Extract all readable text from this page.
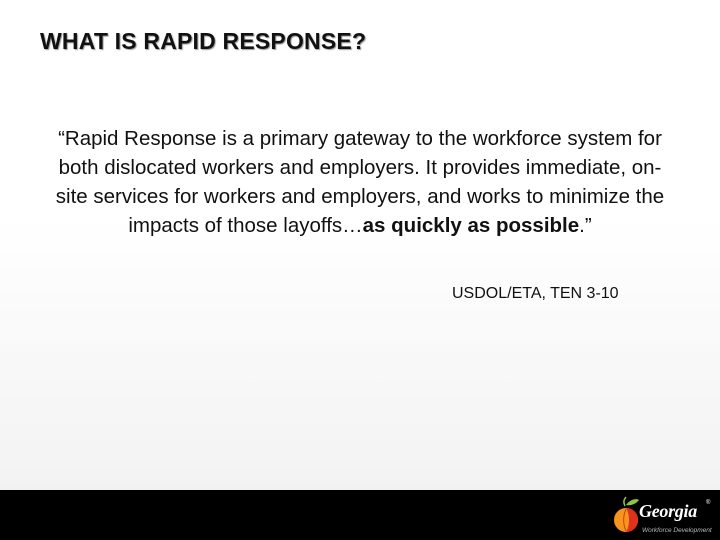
WHAT IS RAPID RESPONSE?

“Rapid Response is a primary gateway to the workforce system for both dislocated workers and employers. It provides immediate, on-site services for workers and employers, and works to minimize the impacts of those layoffs…as quickly as possible.”

USDOL/ETA, TEN 3-10
Georgia ®
Workforce Development
